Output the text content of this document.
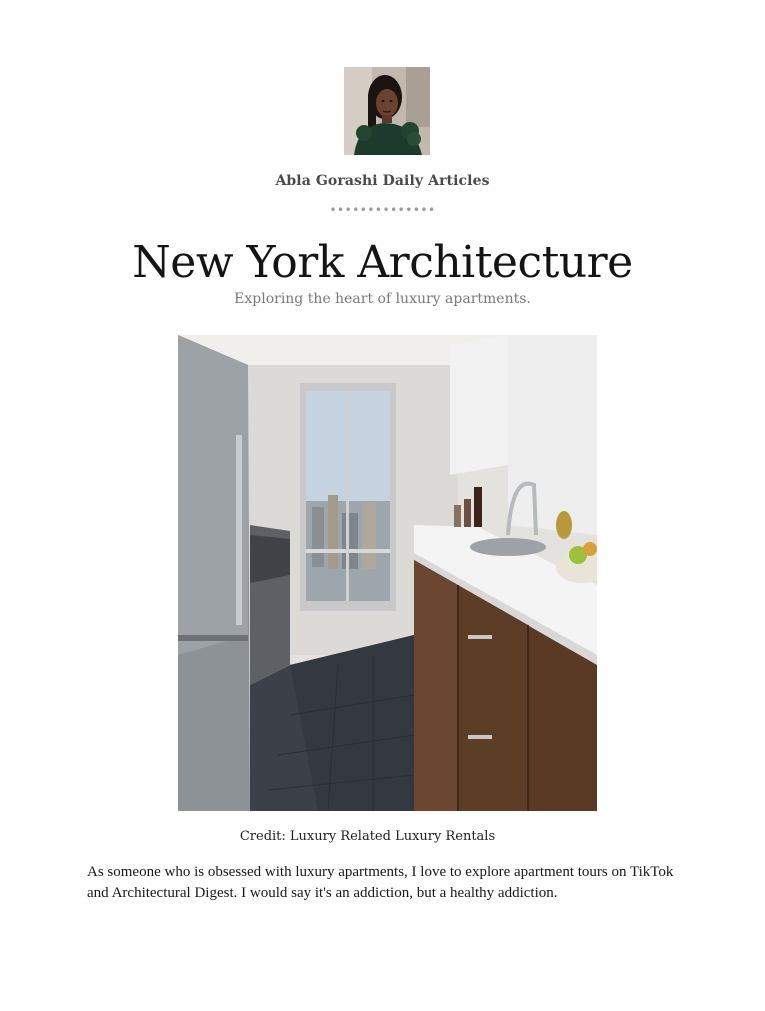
Abla Gorashi Daily Articles
••••••••••••••
New York Architecture
Exploring the heart of luxury apartments.
Credit: Luxury Related Luxury Rentals

As someone who is obsessed with luxury apartments, I love to explore apartment tours on TikTok and Architectural Digest. I would say it's an addiction, but a healthy addiction.
